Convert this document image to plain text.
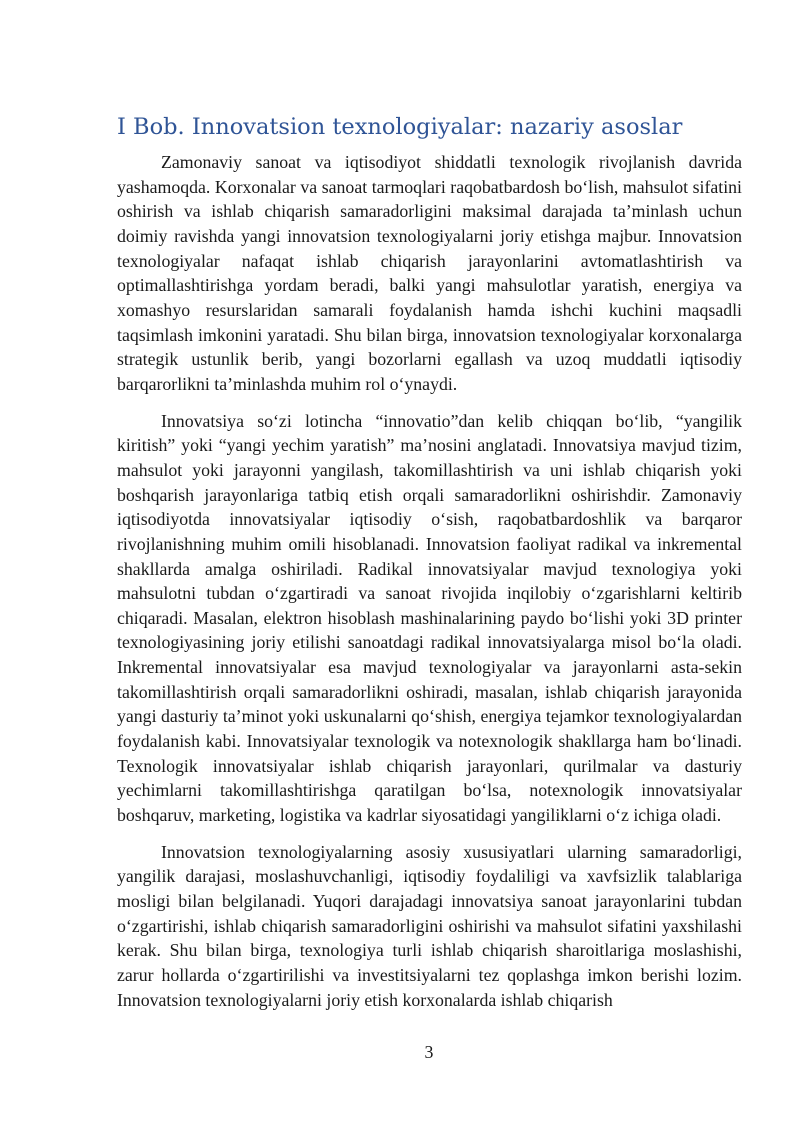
I Bob. Innovatsion texnologiyalar: nazariy asoslar

Zamonaviy sanoat va iqtisodiyot shiddatli texnologik rivojlanish davrida yashamoqda. Korxonalar va sanoat tarmoqlari raqobatbardosh boʻlish, mahsulot sifatini oshirish va ishlab chiqarish samaradorligini maksimal darajada taʼminlash uchun doimiy ravishda yangi innovatsion texnologiyalarni joriy etishga majbur. Innovatsion texnologiyalar nafaqat ishlab chiqarish jarayonlarini avtomatlashtirish va optimallashtirishga yordam beradi, balki yangi mahsulotlar yaratish, energiya va xomashyo resurslaridan samarali foydalanish hamda ishchi kuchini maqsadli taqsimlash imkonini yaratadi. Shu bilan birga, innovatsion texnologiyalar korxonalarga strategik ustunlik berib, yangi bozorlarni egallash va uzoq muddatli iqtisodiy barqarorlikni taʼminlashda muhim rol oʻynaydi.

Innovatsiya soʻzi lotincha “innovatio”dan kelib chiqqan boʻlib, “yangilik kiritish” yoki “yangi yechim yaratish” maʼnosini anglatadi. Innovatsiya mavjud tizim, mahsulot yoki jarayonni yangilash, takomillashtirish va uni ishlab chiqarish yoki boshqarish jarayonlariga tatbiq etish orqali samaradorlikni oshirishdir. Zamonaviy iqtisodiyotda innovatsiyalar iqtisodiy oʻsish, raqobatbardoshlik va barqaror rivojlanishning muhim omili hisoblanadi. Innovatsion faoliyat radikal va inkremental shakllarda amalga oshiriladi. Radikal innovatsiyalar mavjud texnologiya yoki mahsulotni tubdan oʻzgartiradi va sanoat rivojida inqilobiy oʻzgarishlarni keltirib chiqaradi. Masalan, elektron hisoblash mashinalarining paydo boʻlishi yoki 3D printer texnologiyasining joriy etilishi sanoatdagi radikal innovatsiyalarga misol boʻla oladi. Inkremental innovatsiyalar esa mavjud texnologiyalar va jarayonlarni asta-sekin takomillashtirish orqali samaradorlikni oshiradi, masalan, ishlab chiqarish jarayonida yangi dasturiy taʼminot yoki uskunalarni qoʻshish, energiya tejamkor texnologiyalardan foydalanish kabi. Innovatsiyalar texnologik va notexnologik shakllarga ham boʻlinadi. Texnologik innovatsiyalar ishlab chiqarish jarayonlari, qurilmalar va dasturiy yechimlarni takomillashtirishga qaratilgan boʻlsa, notexnologik innovatsiyalar boshqaruv, marketing, logistika va kadrlar siyosatidagi yangiliklarni oʻz ichiga oladi.

Innovatsion texnologiyalarning asosiy xususiyatlari ularning samaradorligi, yangilik darajasi, moslashuvchanligi, iqtisodiy foydaliligi va xavfsizlik talablariga mosligi bilan belgilanadi. Yuqori darajadagi innovatsiya sanoat jarayonlarini tubdan oʻzgartirishi, ishlab chiqarish samaradorligini oshirishi va mahsulot sifatini yaxshilashi kerak. Shu bilan birga, texnologiya turli ishlab chiqarish sharoitlariga moslashishi, zarur hollarda oʻzgartirilishi va investitsiyalarni tez qoplashga imkon berishi lozim. Innovatsion texnologiyalarni joriy etish korxonalarda ishlab chiqarish

3
